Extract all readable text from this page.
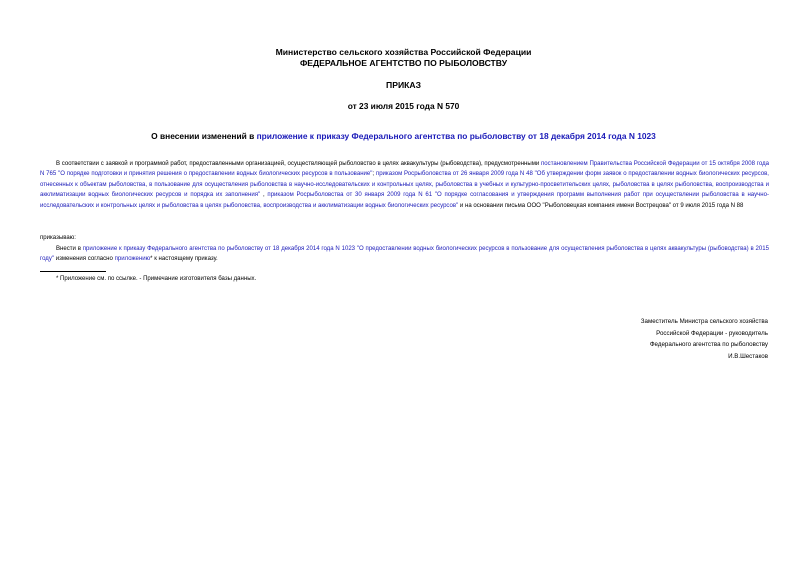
Министерство сельского хозяйства Российской Федерации
ФЕДЕРАЛЬНОЕ АГЕНТСТВО ПО РЫБОЛОВСТВУ
ПРИКАЗ
от 23 июля 2015 года N 570
О внесении изменений в приложение к приказу Федерального агентства по рыболовству от 18 декабря 2014 года N 1023
В соответствии с заявкой и программой работ, предоставленными организацией, осуществляющей рыболовство в целях аквакультуры (рыбоводства), предусмотренными постановлением Правительства Российской Федерации от 15 октября 2008 года N 765 "О порядке подготовки и принятия решения о предоставлении водных биологических ресурсов в пользование"; приказом Росрыболовства от 26 января 2009 года N 48 "Об утверждении форм заявок о предоставлении водных биологических ресурсов, отнесенных к объектам рыболовства, в пользование для осуществления рыболовства в научно-исследовательских и контрольных целях, рыболовства в учебных и культурно-просветительских целях, рыболовства в целях рыболовства, воспроизводства и акклиматизации водных биологических ресурсов и порядка их заполнения" , приказом Росрыболовства от 30 января 2009 года N 61 "О порядке согласования и утверждения программ выполнения работ при осуществлении рыболовства в научно-исследовательских и контрольных целях и рыболовства в целях рыболовства, воспроизводства и акклиматизации водных биологических ресурсов" и на основании письма ООО "Рыболовецкая компания имени Вострецова" от 9 июля 2015 года N 88
приказываю:
Внести в приложение к приказу Федерального агентства по рыболовству от 18 декабря 2014 года N 1023 "О предоставлении водных биологических ресурсов в пользование для осуществления рыболовства в целях аквакультуры (рыбоводства) в 2015 году" изменения согласно приложению* к настоящему приказу.
* Приложение см. по ссылке. - Примечание изготовителя базы данных.
Заместитель Министра сельского хозяйства
Российской Федерации - руководитель
Федерального агентства по рыболовству
И.В.Шестаков
